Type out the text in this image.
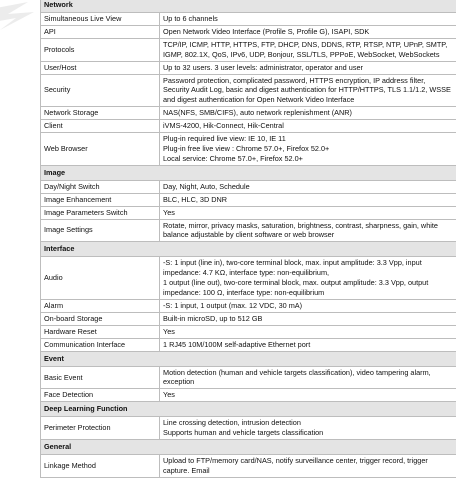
Network	
Simultaneous Live View	Up to 6 channels

API	Open Network Video Interface (Profile S, Profile G), ISAPI, SDK

Protocols	TCP/IP, ICMP, HTTP, HTTPS, FTP, DHCP, DNS, DDNS, RTP, RTSP, NTP, UPnP, SMTP,
IGMP, 802.1X, QoS, IPv6, UDP, Bonjour, SSL/TLS, PPPoE, WebSocket, WebSockets

User/Host	Up to 32 users. 3 user levels: administrator, operator and user

Security	Password protection, complicated password, HTTPS encryption, IP address filter,
Security Audit Log, basic and digest authentication for HTTP/HTTPS, TLS 1.1/1.2, WSSE
and digest authentication for Open Network Video Interface

Network Storage	NAS(NFS, SMB/CIFS), auto network replenishment (ANR)

Client	iVMS-4200, Hik-Connect, Hik-Central

Web Browser	Plug-in required live view: IE 10, IE 11
Plug-in free live view : Chrome 57.0+, Firefox 52.0+
Local service: Chrome 57.0+, Firefox 52.0+

Image	
Day/Night Switch	Day, Night, Auto, Schedule

Image Enhancement	BLC, HLC, 3D DNR

Image Parameters Switch	Yes

Image Settings	Rotate, mirror, privacy masks, saturation, brightness, contrast, sharpness, gain, white
balance adjustable by client software or web browser

Interface	
Audio	-S: 1 input (line in), two-core terminal block, max. input amplitude: 3.3 Vpp, input
impedance: 4.7 KΩ, interface type: non-equilibrium,
1 output (line out), two-core terminal block, max. output amplitude: 3.3 Vpp, output
impedance: 100 Ω, interface type: non-equilibrium

Alarm	-S: 1 input, 1 output (max. 12 VDC, 30 mA)

On-board Storage	Built-in microSD, up to 512 GB

Hardware Reset	Yes

Communication Interface	1 RJ45 10M/100M self-adaptive Ethernet port

Event	
Basic Event	Motion detection (human and vehicle targets classification), video tampering alarm,
exception

Face Detection	Yes

Deep Learning Function	
Perimeter Protection	Line crossing detection, intrusion detection
Supports human and vehicle targets classification

General	
Linkage Method	Upload to FTP/memory card/NAS, notify surveillance center, trigger record, trigger
capture. Email
